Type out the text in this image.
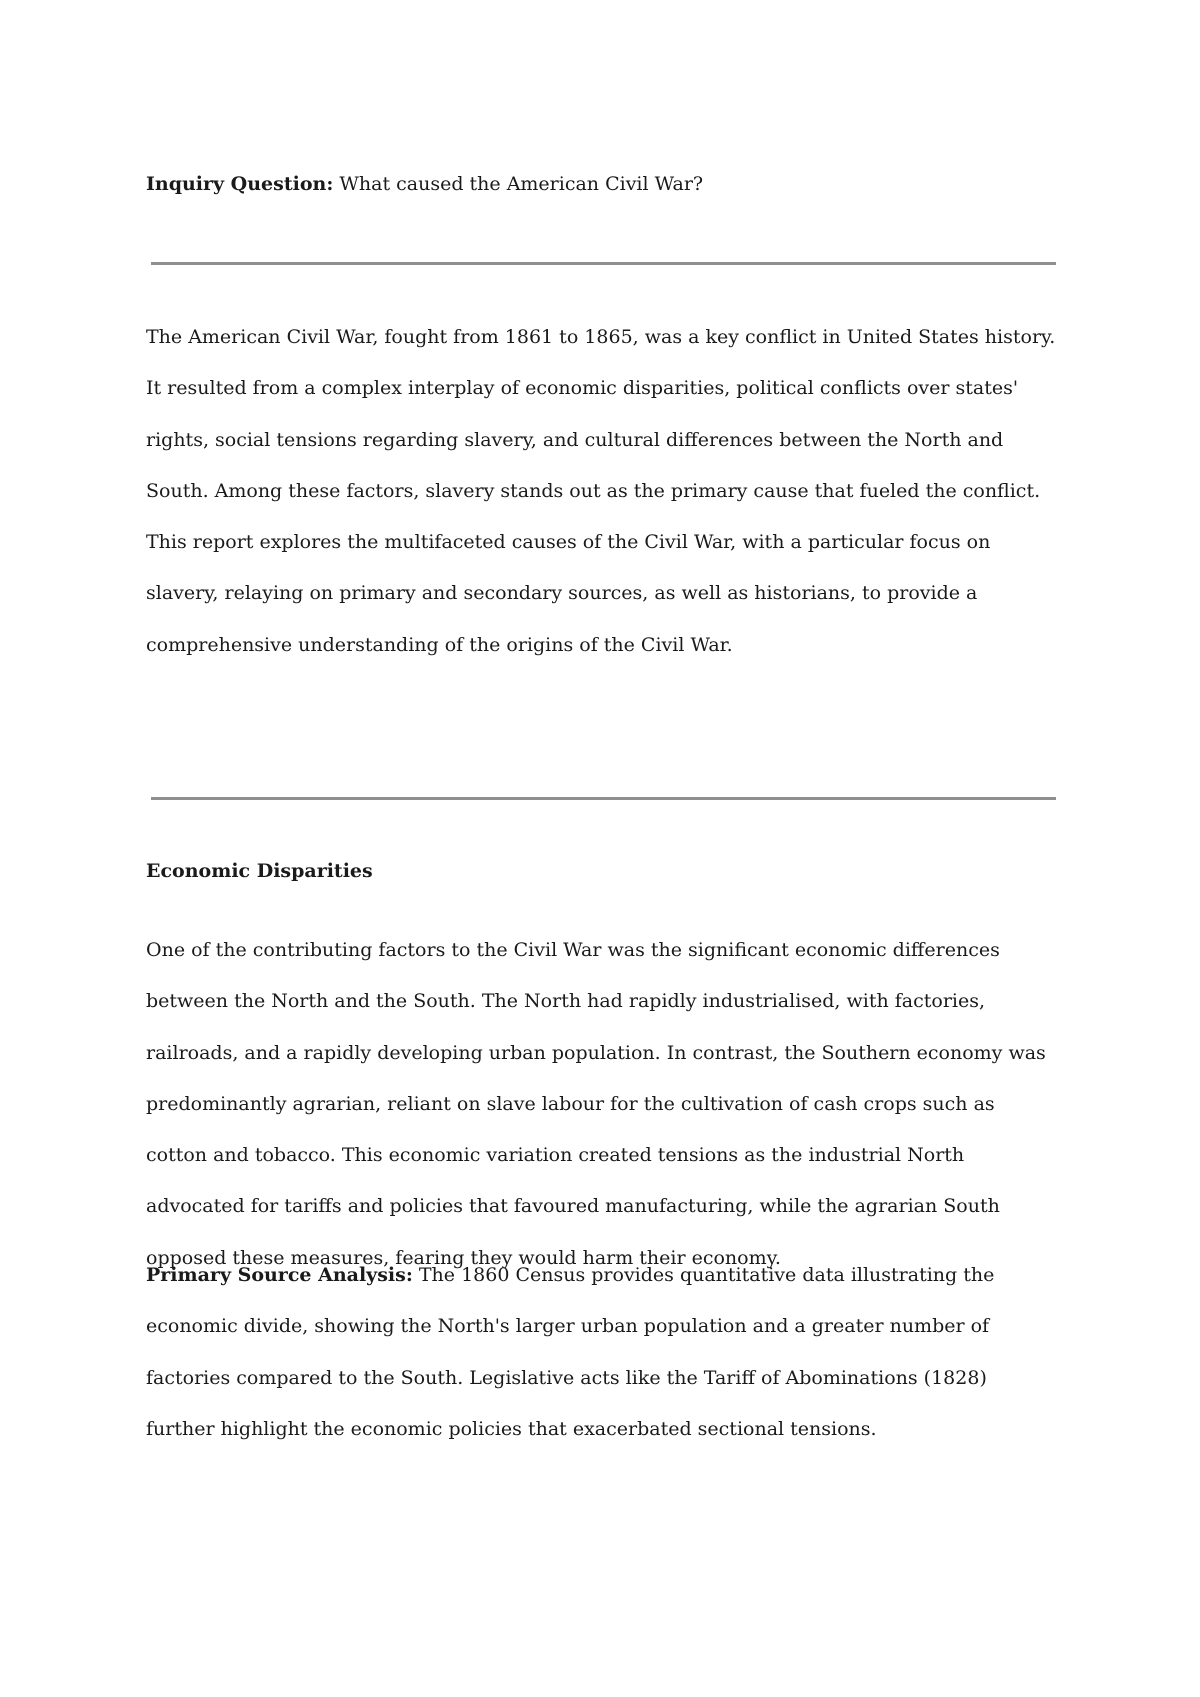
Inquiry Question: What caused the American Civil War?

The American Civil War, fought from 1861 to 1865, was a key conflict in United States history. It resulted from a complex interplay of economic disparities, political conflicts over states' rights, social tensions regarding slavery, and cultural differences between the North and South. Among these factors, slavery stands out as the primary cause that fueled the conflict. This report explores the multifaceted causes of the Civil War, with a particular focus on slavery, relaying on primary and secondary sources, as well as historians, to provide a comprehensive understanding of the origins of the Civil War.

Economic Disparities

One of the contributing factors to the Civil War was the significant economic differences between the North and the South. The North had rapidly industrialised, with factories, railroads, and a rapidly developing urban population. In contrast, the Southern economy was predominantly agrarian, reliant on slave labour for the cultivation of cash crops such as cotton and tobacco. This economic variation created tensions as the industrial North advocated for tariffs and policies that favoured manufacturing, while the agrarian South opposed these measures, fearing they would harm their economy.

Primary Source Analysis: The 1860 Census provides quantitative data illustrating the economic divide, showing the North's larger urban population and a greater number of factories compared to the South. Legislative acts like the Tariff of Abominations (1828) further highlight the economic policies that exacerbated sectional tensions.
